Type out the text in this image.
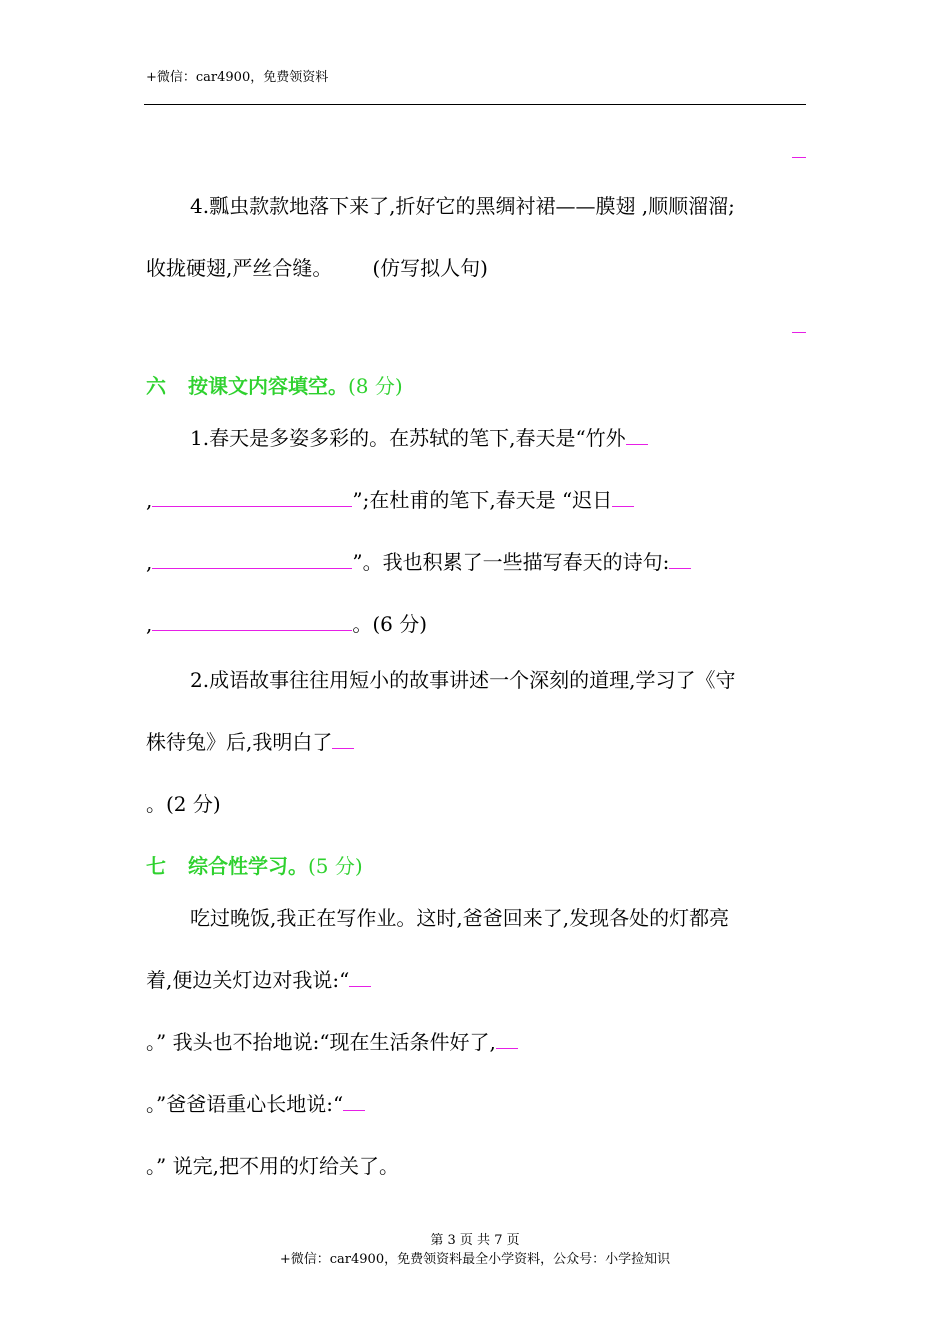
+微信：car4900，免费领资料
4.瓢虫款款地落下来了,折好它的黑绸衬裙——膜翅 ,顺顺溜溜;
收拢硬翅,严丝合缝。 (仿写拟人句)
六 按课文内容填空。(8 分)
1.春天是多姿多彩的。在苏轼的笔下,春天是“竹外
,	”;在杜甫的笔下,春天是 “迟日
,	”。我也积累了一些描写春天的诗句:
,	。(6 分)
2.成语故事往往用短小的故事讲述一个深刻的道理,学习了《守
株待兔》后,我明白了
。(2 分)
七 综合性学习。(5 分)
吃过晚饭,我正在写作业。这时,爸爸回来了,发现各处的灯都亮
着,便边关灯边对我说:“
。” 我头也不抬地说:“现在生活条件好了,
。”爸爸语重心长地说:“
。” 说完,把不用的灯给关了。
第 3 页 共 7 页
+微信：car4900，免费领资料最全小学资料，公众号：小学捡知识
